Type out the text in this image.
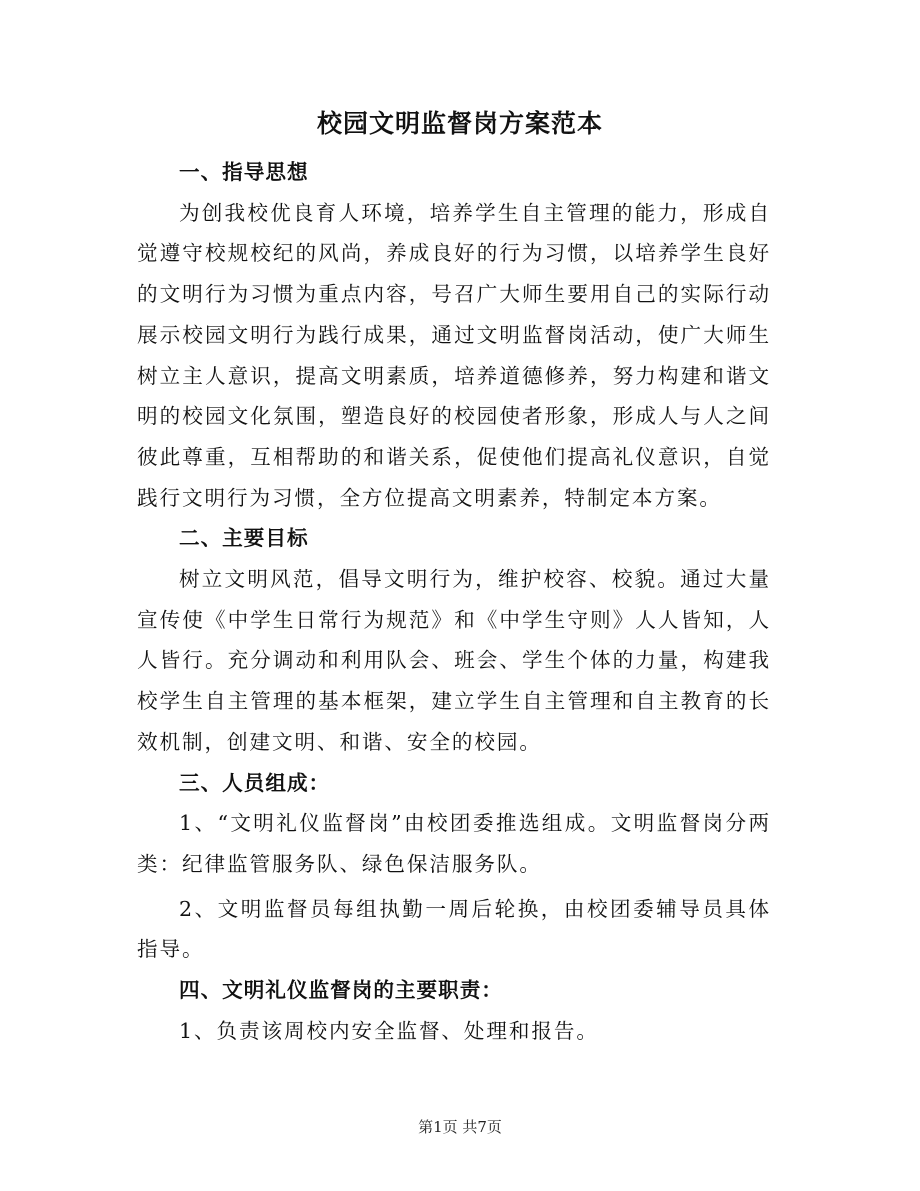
校园文明监督岗方案范本

一、指导思想

为创我校优良育人环境，培养学生自主管理的能力，形成自觉遵守校规校纪的风尚，养成良好的行为习惯，以培养学生良好的文明行为习惯为重点内容，号召广大师生要用自己的实际行动展示校园文明行为践行成果，通过文明监督岗活动，使广大师生树立主人意识，提高文明素质，培养道德修养，努力构建和谐文明的校园文化氛围，塑造良好的校园使者形象，形成人与人之间彼此尊重，互相帮助的和谐关系，促使他们提高礼仪意识，自觉践行文明行为习惯，全方位提高文明素养，特制定本方案。

二、主要目标

树立文明风范，倡导文明行为，维护校容、校貌。通过大量宣传使《中学生日常行为规范》和《中学生守则》人人皆知，人人皆行。充分调动和利用队会、班会、学生个体的力量，构建我校学生自主管理的基本框架，建立学生自主管理和自主教育的长效机制，创建文明、和谐、安全的校园。

三、人员组成：

1、“文明礼仪监督岗”由校团委推选组成。文明监督岗分两类：纪律监管服务队、绿色保洁服务队。

2、文明监督员每组执勤一周后轮换，由校团委辅导员具体指导。

四、文明礼仪监督岗的主要职责：

1、负责该周校内安全监督、处理和报告。

第1页 共7页
